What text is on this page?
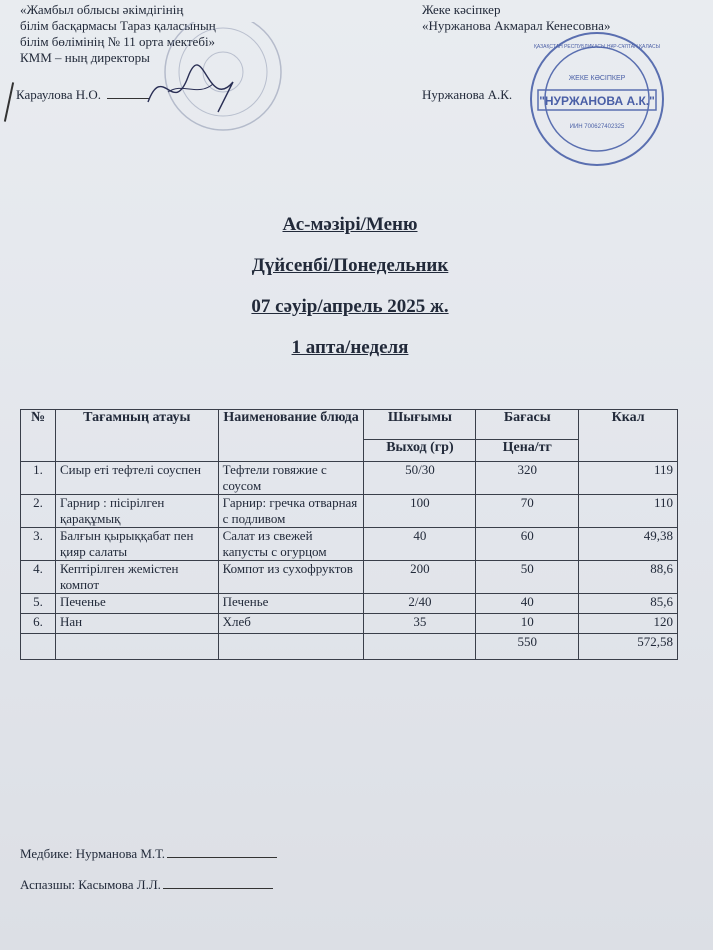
«Жамбыл облысы әкімдігінің
білім басқармасы Тараз қаласының
білім бөлімінің № 11 орта мектебі»
КММ – ның директоры
Караулова Н.О.
Жеке кәсіпкер
«Нуржанова Акмарал Кенесовна»
Нуржанова А.К. "НУРЖАНОВА А.К."
ЖЕКЕ КӘСІПКЕР
ИИН 700627402325
ҚАЗАҚСТАН РЕСПУБЛИКАСЫ НҰР-СҰЛТАН ҚАЛАСЫ
Ас-мәзірі/Меню
Дүйсенбі/Понедельник
07 сәуір/апрель 2025 ж.
1 апта/неделя
№	Тағамның атауы	Наименование блюда	Шығымы	Бағасы	Ккал
			Выход (гр)	Цена/тг	
1.	Сиыр еті тефтелі соуспен	Тефтели говяжие с соусом	50/30	320	119
2.	Гарнир : пісірілген қарақұмық	Гарнир: гречка отварная с подливом	100	70	110
3.	Балғын қырыққабат пен қияр салаты	Салат из свежей капусты с огурцом	40	60	49,38
4.	Кептірілген жемістен компот	Компот из сухофруктов	200	50	88,6
5.	Печенье	Печенье	2/40	40	85,6
6.	Нан	Хлеб	35	10	120
				550	572,58
Медбике: Нурманова М.Т.
Аспазшы: Касымова Л.Л.
